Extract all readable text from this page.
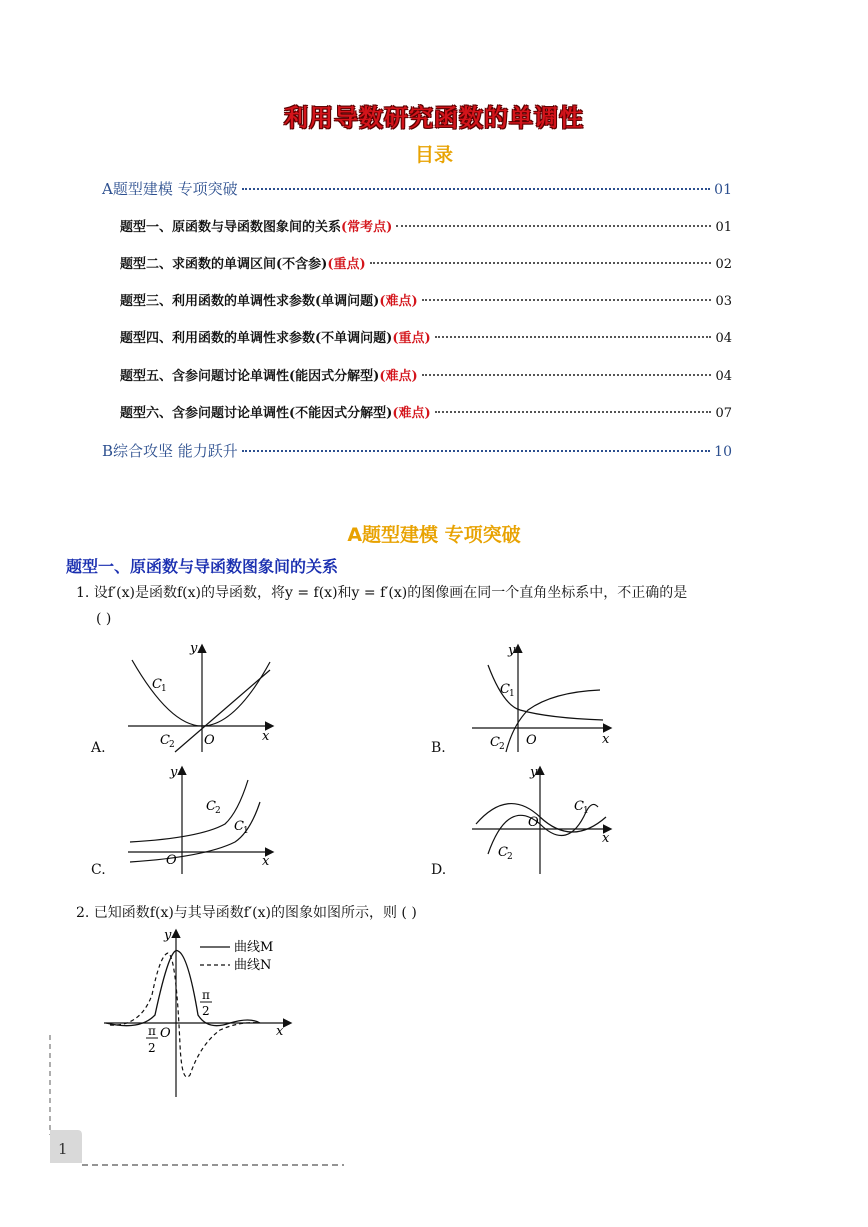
利用导数研究函数的单调性
目录
A题型建模 专项突破	01
题型一、原函数与导函数图象间的关系 (常考点)	01
题型二、求函数的单调区间(不含参) (重点)	02
题型三、利用函数的单调性求参数(单调问题) (难点)	03
题型四、利用函数的单调性求参数(不单调问题) (重点)	04
题型五、含参问题讨论单调性(能因式分解型) (难点)	04
题型六、含参问题讨论单调性(不能因式分解型) (难点)	07
B综合攻坚 能力跃升	10
A题型建模 专项突破
题型一、原函数与导函数图象间的关系
1. 设f′(x)是函数f(x)的导函数，将y = f(x)和y = f′(x)的图像画在同一个直角坐标系中，不正确的是
( )
A.
y
x
O
C 1
C 2	B.
y
x
O
C 1
C 2
C.
y
x
O
C 2
C 1
D.
y
x
O
C 1
C 2
2. 已知函数f(x)与其导函数f′(x)的图象如图所示，则 ( )
曲线M
曲线N
y
x
O
π
2
π
2
1
